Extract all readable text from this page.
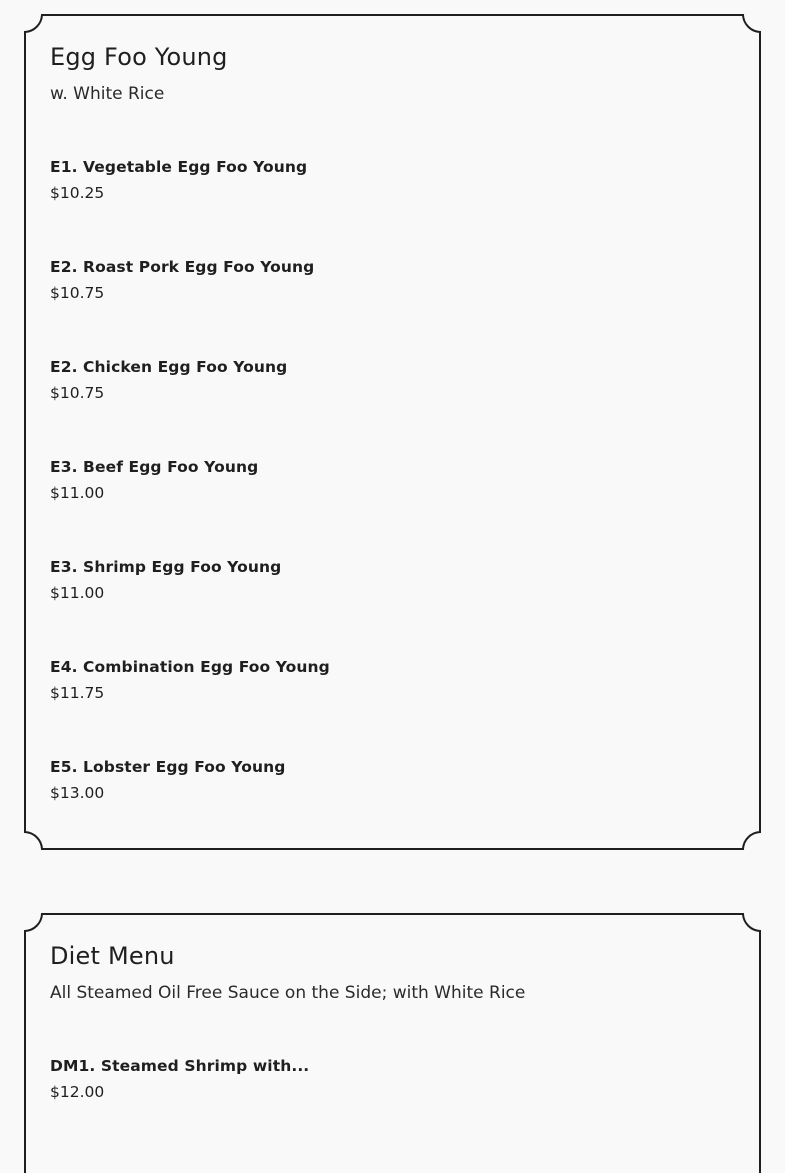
Egg Foo Young

w. White Rice

E1. Vegetable Egg Foo Young
$10.25
E2. Roast Pork Egg Foo Young
$10.75
E2. Chicken Egg Foo Young
$10.75
E3. Beef Egg Foo Young
$11.00
E3. Shrimp Egg Foo Young
$11.00
E4. Combination Egg Foo Young
$11.75
E5. Lobster Egg Foo Young
$13.00
Diet Menu

All Steamed Oil Free Sauce on the Side; with White Rice

DM1. Steamed Shrimp with...
$12.00
